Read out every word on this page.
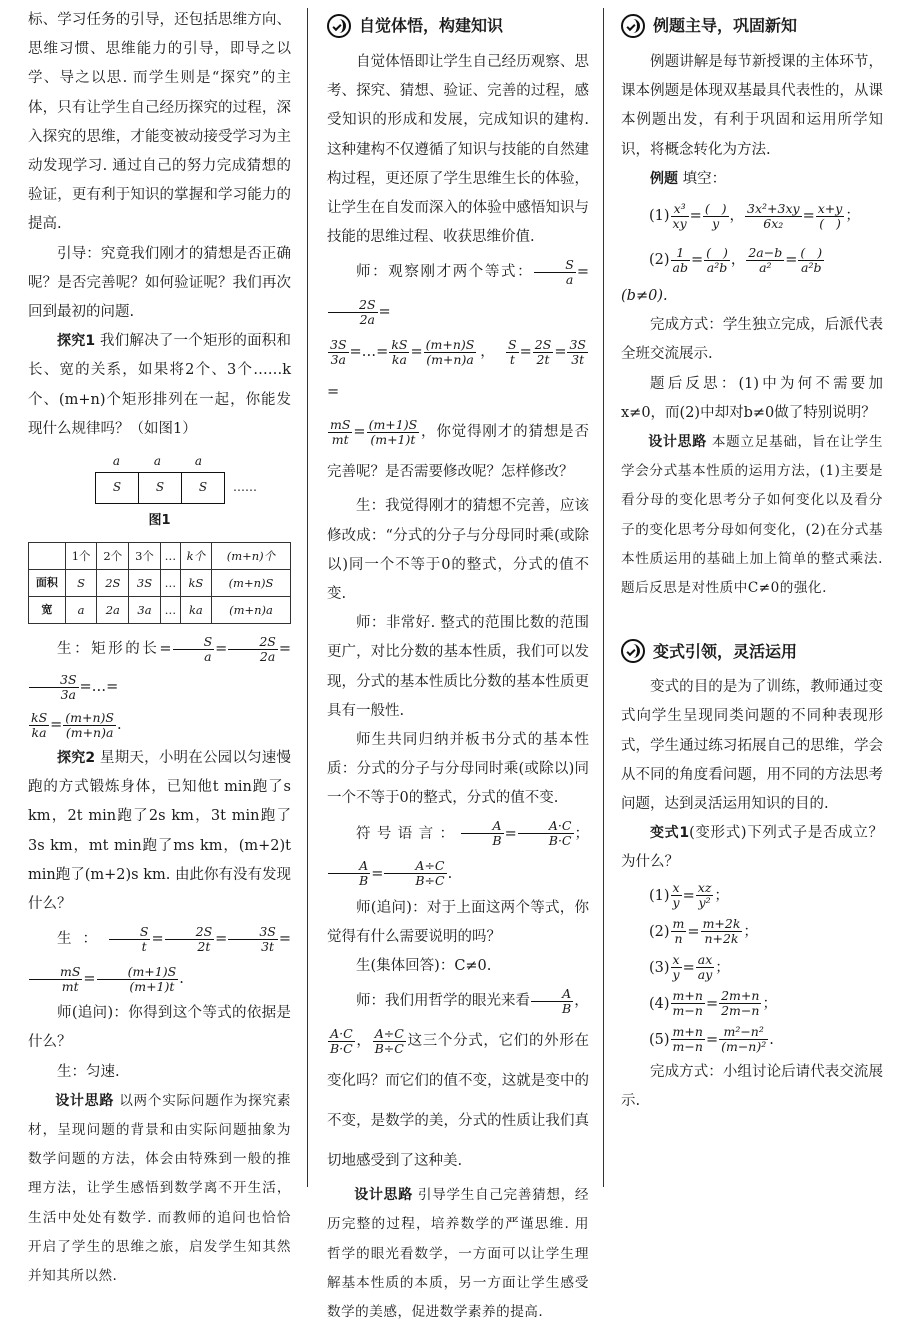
标、学习任务的引导，还包括思维方向、思维习惯、思维能力的引导，即导之以学、导之以思. 而学生则是“探究”的主体，只有让学生自己经历探究的过程，深入探究的思维，才能变被动接受学习为主动发现学习. 通过自己的努力完成猜想的验证，更有利于知识的掌握和学习能力的提高.

引导：究竟我们刚才的猜想是否正确呢？是否完善呢？如何验证呢？我们再次回到最初的问题.

探究1 我们解决了一个矩形的面积和长、宽的关系，如果将2个、3个……k个、(m+n)个矩形排列在一起，你能发现什么规律吗？（如图1）

a	a	a
S	S	S	……

图1

	1个	2个	3个	…	k个	(m+n)个
面积	S	2S	3S	…	kS	(m+n)S
宽	a	2a	3a	…	ka	(m+n)a

生：矩形的长= $\frac{S}{a} = \frac{2S}{2a}$ =
$\frac{3S}{3a}$ =…=

$\frac{kS}{ka} = \frac{(m+n)S}{(m+n)a}$ .

探究2 星期天，小明在公园以匀速慢跑的方式锻炼身体，已知他t min跑了s km，2t min跑了2s km，3t min跑了3s km，mt min跑了ms km，(m+2)t min跑了(m+2)s km. 由此你有没有发现什么？

生： $\frac{S}{t} = \frac{2S}{2t} = \frac{3S}{3t}$ =
$\frac{mS}{mt} = \frac{(m+1)S}{(m+1)t}$ .

师(追问)：你得到这个等式的依据是什么？

生：匀速.

设计思路 以两个实际问题作为探究素材，呈现问题的背景和由实际问题抽象为数学问题的方法，体会由特殊到一般的推理方法，让学生感悟到数学离不开生活，生活中处处有数学. 而教师的追问也恰恰开启了学生的思维之旅，启发学生知其然并知其所以然.

自觉体悟，构建知识

自觉体悟即让学生自己经历观察、思考、探究、猜想、验证、完善的过程，感受知识的形成和发展，完成知识的建构. 这种建构不仅遵循了知识与技能的自然建构过程，更还原了学生思维生长的体验，让学生在自发而深入的体验中感悟知识与技能的思维过程、收获思维价值.

师：观察刚才两个等式： $\frac{S}{a}$ =
$\frac{2S}{2a}$ =

$\frac{3S}{3a}$ =…= $\frac{kS}{ka} = \frac{(m+n)S}{(m+n)a}$ ， $\frac{S}{t} = \frac{2S}{2t} = \frac{3S}{3t}$
=

$\frac{mS}{mt} = \frac{(m+1)S}{(m+1)t}$ ，你觉得刚才的猜想是否完善呢？是否需要修改呢？怎样修改？

生：我觉得刚才的猜想不完善，应该修改成：“分式的分子与分母同时乘(或除以)同一个不等于0的整式，分式的值不变.

师：非常好. 整式的范围比数的范围更广，对比分数的基本性质，我们可以发现，分式的基本性质比分数的基本性质更具有一般性.

师生共同归纳并板书分式的基本性质：分式的分子与分母同时乘(或除以)同一个不等于0的整式，分式的值不变.

符号语言： $\frac{A}{B} = \frac{A\cdot C}{B\cdot C}$ ；
$\frac{A}{B} = \frac{A\div C}{B\div C}$ .

师(追问)：对于上面这两个等式，你觉得有什么需要说明的吗？

生(集体回答)：C≠0.

师：我们用哲学的眼光来看 $\frac{A}{B}$ ，

$\frac{A\cdot C}{B\cdot C}$ ， $\frac{A\div C}{B\div C}$ 这三个分式，它们的外形在变化吗？而它们的值不变，这就是变中的不变，是数学的美，分式的性质让我们真切地感受到了这种美.

设计思路 引导学生自己完善猜想，经历完整的过程，培养数学的严谨思维. 用哲学的眼光看数学，一方面可以让学生理解基本性质的本质，另一方面让学生感受数学的美感，促进数学素养的提高.

例题主导，巩固新知

例题讲解是每节新授课的主体环节，课本例题是体现双基最具代表性的，从课本例题出发，有利于巩固和运用所学知识，将概念转化为方法.

例题 填空：

$(1) \frac{\text{x³}}{xy} = \frac{( )}{y}$ ， $\frac{\text{3x²+3xy}}{\text{6x₂}} = \frac{x+y}{( )}$ ；

$(2) \frac{1}{ab} = \frac{( )}{\text{a²b}}$ ， $\frac{2a-b}{\text{a²}} = \frac{( )}{\text{a²b}}$

(b≠0).

完成方式：学生独立完成，后派代表全班交流展示.

题后反思：(1)中为何不需要加x≠0，而(2)中却对b≠0做了特别说明？

设计思路 本题立足基础，旨在让学生学会分式基本性质的运用方法，(1)主要是看分母的变化思考分子如何变化以及看分子的变化思考分母如何变化，(2)在分式基本性质运用的基础上加上简单的整式乘法. 题后反思是对性质中C≠0的强化.

变式引领，灵活运用

变式的目的是为了训练，教师通过变式向学生呈现同类问题的不同种表现形式，学生通过练习拓展自己的思维，学会从不同的角度看问题，用不同的方法思考问题，达到灵活运用知识的目的.

变式1(变形式)下列式子是否成立？为什么？

$(1) \frac{x}{y} = \frac{xz}{\text{y²}}$ ；

$(2) \frac{m}{n} = \frac{m+2k}{n+2k}$ ；

$(3) \frac{x}{y} = \frac{ax}{ay}$ ；

$(4) \frac{m+n}{m-n} = \frac{2m+n}{2m-n}$ ；

$(5) \frac{m+n}{m-n} = \frac{\text{m²−n²}}{\text{(m−n)²}}$ .

完成方式：小组讨论后请代表交流展示.
